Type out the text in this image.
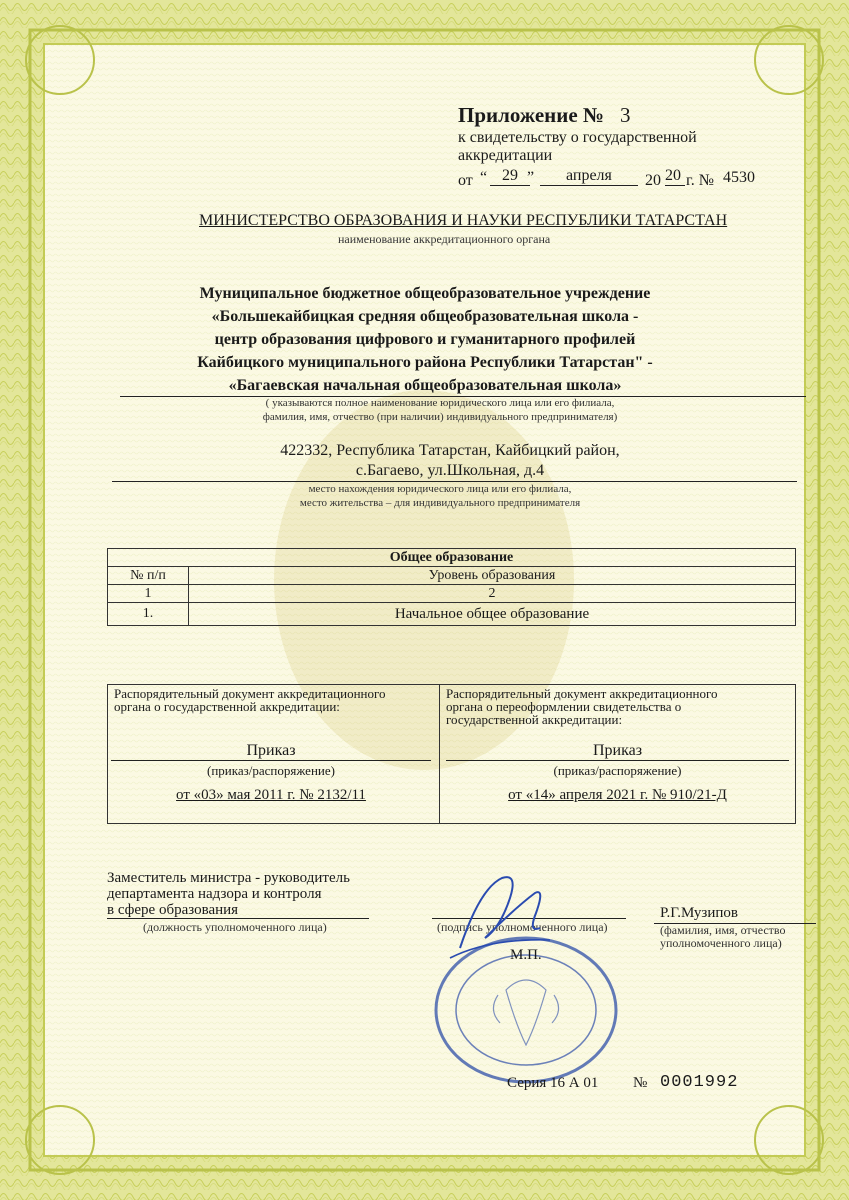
Приложение № 3
к свидетельству о государственной
аккредитации
от “ 29 ”	апреля	20 20 г. № 4530
МИНИСТЕРСТВО ОБРАЗОВАНИЯ И НАУКИ РЕСПУБЛИКИ ТАТАРСТАН
наименование аккредитационного органа
Муниципальное бюджетное общеобразовательное учреждение
«Большекайбицкая средняя общеобразовательная школа -
центр образования цифрового и гуманитарного профилей
Кайбицкого муниципального района Республики Татарстан" -
«Багаевская начальная общеобразовательная школа»
( указываются полное наименование юридического лица или его филиала,
фамилия, имя, отчество (при наличии) индивидуального предпринимателя)
422332, Республика Татарстан, Кайбицкий район,
с.Багаево, ул.Школьная, д.4
место нахождения юридического лица или его филиала,
место жительства – для индивидуального предпринимателя
Общее образование	
№ п/п	Уровень образования
1	2
1.	Начальное общее образование
Распорядительный документ аккредитационного
органа о государственной аккредитации:
Приказ
(приказ/распоряжение)
от «03» мая 2011 г. № 2132/11
Распорядительный документ аккредитационного
органа о переоформлении свидетельства о
государственной аккредитации:
Приказ
(приказ/распоряжение)
от «14» апреля 2021 г. № 910/21-Д
Заместитель министра - руководитель
департамента надзора и контроля
в сфере образования
(должность уполномоченного лица)	(подпись уполномоченного лица)
Р.Г.Музипов
(фамилия, имя, отчество
уполномоченного лица)
М.П.
Серия 16 А 01 № 0001992
